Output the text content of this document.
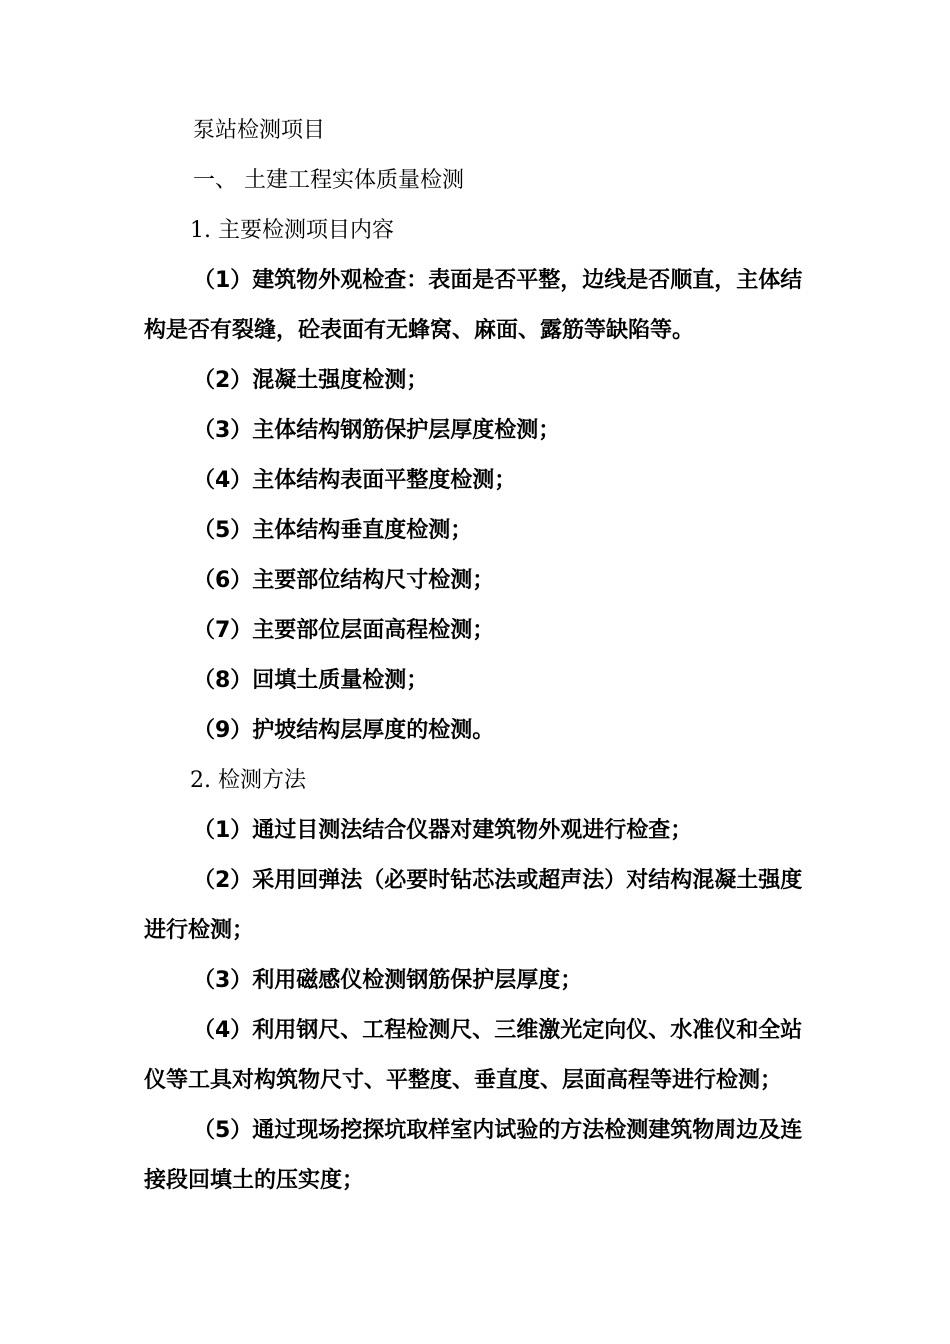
泵站检测项目
一、 土建工程实体质量检测
1. 主要检测项目内容
（1）建筑物外观检查：表面是否平整，边线是否顺直，主体结
构是否有裂缝，砼表面有无蜂窝、麻面、露筋等缺陷等。
（2）混凝土强度检测；
（3）主体结构钢筋保护层厚度检测；
（4）主体结构表面平整度检测；
（5）主体结构垂直度检测；
（6）主要部位结构尺寸检测；
（7）主要部位层面高程检测；
（8）回填土质量检测；
（9）护坡结构层厚度的检测。
2. 检测方法
（1）通过目测法结合仪器对建筑物外观进行检查；
（2）采用回弹法（必要时钻芯法或超声法）对结构混凝土强度
进行检测；
（3）利用磁感仪检测钢筋保护层厚度；
（4）利用钢尺、工程检测尺、三维激光定向仪、水准仪和全站
仪等工具对构筑物尺寸、平整度、垂直度、层面高程等进行检测；
（5）通过现场挖探坑取样室内试验的方法检测建筑物周边及连
接段回填土的压实度；
